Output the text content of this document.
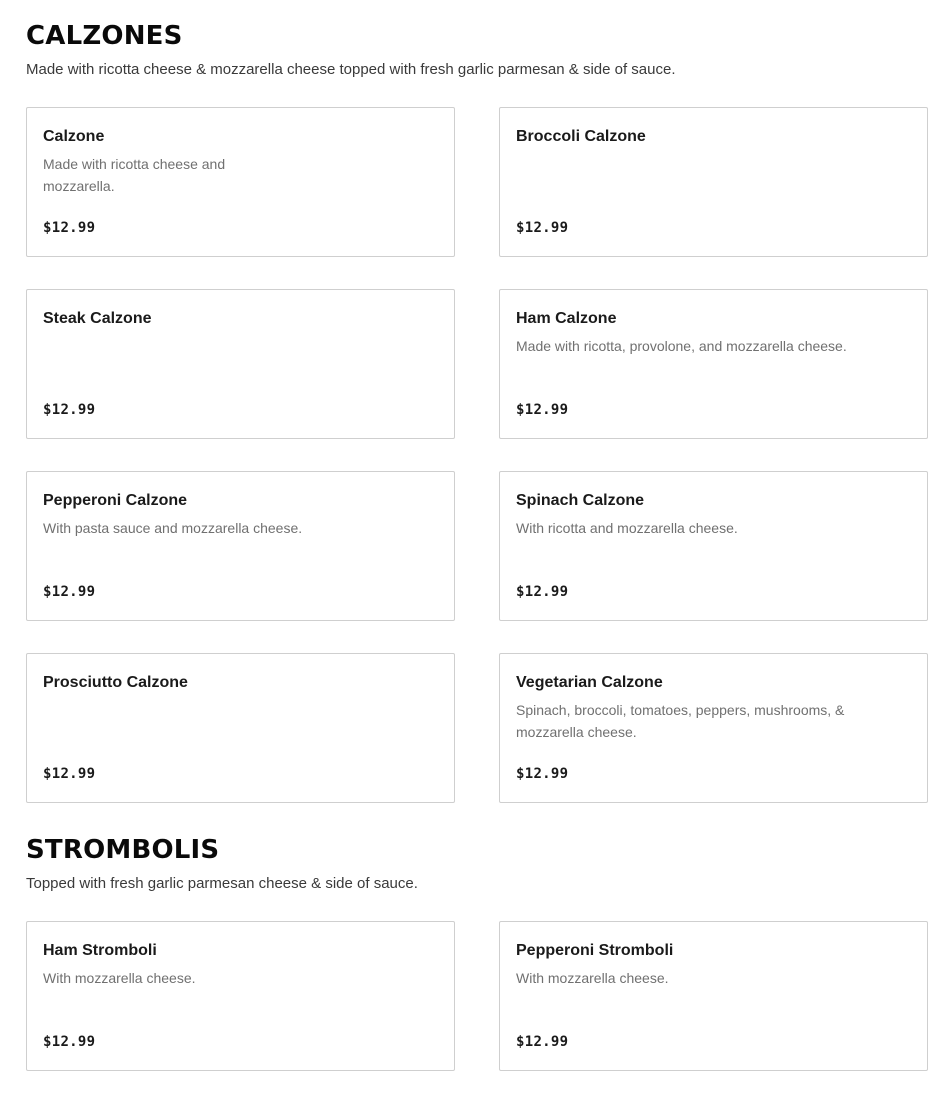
CALZONES

Made with ricotta cheese & mozzarella cheese topped with fresh garlic parmesan & side of sauce.

Calzone
Made with ricotta cheese and mozzarella.
$12.99
Broccoli Calzone
$12.99
Steak Calzone
$12.99
Ham Calzone
Made with ricotta, provolone, and mozzarella cheese.
$12.99
Pepperoni Calzone
With pasta sauce and mozzarella cheese.
$12.99
Spinach Calzone
With ricotta and mozzarella cheese.
$12.99
Prosciutto Calzone
$12.99
Vegetarian Calzone
Spinach, broccoli, tomatoes, peppers, mushrooms, & mozzarella cheese.
$12.99
STROMBOLIS

Topped with fresh garlic parmesan cheese & side of sauce.

Ham Stromboli
With mozzarella cheese.
$12.99
Pepperoni Stromboli
With mozzarella cheese.
$12.99
